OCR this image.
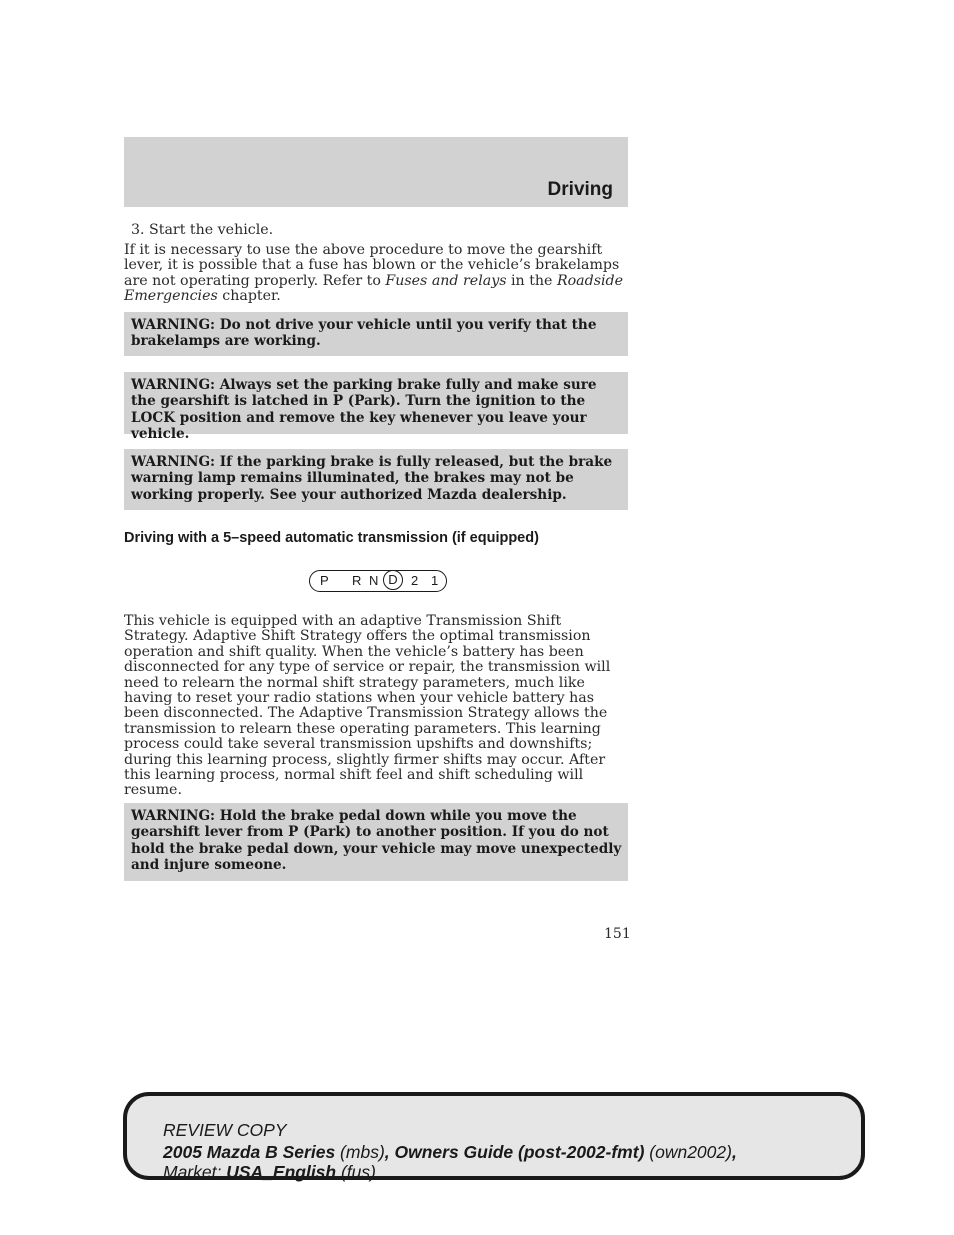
Driving
3. Start the vehicle.
If it is necessary to use the above procedure to move the gearshift lever, it is possible that a fuse has blown or the vehicle’s brakelamps are not operating properly. Refer to Fuses and relays in the Roadside Emergencies chapter.
WARNING: Do not drive your vehicle until you verify that the brakelamps are working.
WARNING: Always set the parking brake fully and make sure the gearshift is latched in P (Park). Turn the ignition to the LOCK position and remove the key whenever you leave your vehicle.
WARNING: If the parking brake is fully released, but the brake warning lamp remains illuminated, the brakes may not be working properly. See your authorized Mazda dealership.
Driving with a 5–speed automatic transmission (if equipped)
P R N D	2 1
This vehicle is equipped with an adaptive Transmission Shift Strategy. Adaptive Shift Strategy offers the optimal transmission operation and shift quality. When the vehicle’s battery has been disconnected for any type of service or repair, the transmission will need to relearn the normal shift strategy parameters, much like having to reset your radio stations when your vehicle battery has been disconnected. The Adaptive Transmission Strategy allows the transmission to relearn these operating parameters. This learning process could take several transmission upshifts and downshifts; during this learning process, slightly firmer shifts may occur. After this learning process, normal shift feel and shift scheduling will resume.
WARNING: Hold the brake pedal down while you move the gearshift lever from P (Park) to another position. If you do not hold the brake pedal down, your vehicle may move unexpectedly and injure someone.
151
REVIEW COPY
2005 Mazda B Series (mbs), Owners Guide (post-2002-fmt) (own2002),
Market: USA_English (fus)
